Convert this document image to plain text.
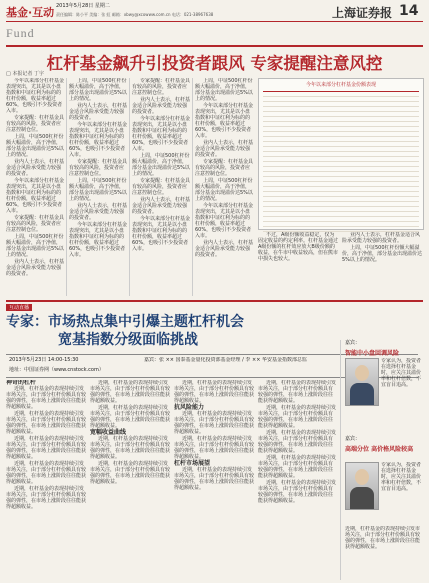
基金·互动 2013年5月28日 星期二
责任编辑：陈小平 美编：张 虹 邮箱：xbwy@xcowww.com.cn 电话：021-38967638	上海证券报 14
Fund
杠杆基金飙升引投资者跟风 专家提醒注意风控
□ 本报记者 丁宇

今年以来部分杠杆基金表现突出，尤其是以小盘指数和中证红利为标的的杠杆份额，收益率超过60%，也吸引不少投资者入市。

专家提醒：杠杆基金具有较高的风险，投资者应注意控制仓位。

上周，中证500杠杆份额大幅溢价，高于净值，部分基金出现溢价达5%以上的情况。

业内人士表示，杠杆基金适合风险承受能力较强的投资者。

今年以来部分杠杆基金表现突出，尤其是以小盘指数和中证红利为标的的杠杆份额，收益率超过60%，也吸引不少投资者入市。

专家提醒：杠杆基金具有较高的风险，投资者应注意控制仓位。

上周，中证500杠杆份额大幅溢价，高于净值，部分基金出现溢价达5%以上的情况。

业内人士表示，杠杆基金适合风险承受能力较强的投资者。

上周，中证500杠杆份额大幅溢价，高于净值，部分基金出现溢价达5%以上的情况。

业内人士表示，杠杆基金适合风险承受能力较强的投资者。

今年以来部分杠杆基金表现突出，尤其是以小盘指数和中证红利为标的的杠杆份额，收益率超过60%，也吸引不少投资者入市。

专家提醒：杠杆基金具有较高的风险，投资者应注意控制仓位。

上周，中证500杠杆份额大幅溢价，高于净值，部分基金出现溢价达5%以上的情况。

业内人士表示，杠杆基金适合风险承受能力较强的投资者。

今年以来部分杠杆基金表现突出，尤其是以小盘指数和中证红利为标的的杠杆份额，收益率超过60%，也吸引不少投资者入市。

专家提醒：杠杆基金具有较高的风险，投资者应注意控制仓位。

业内人士表示，杠杆基金适合风险承受能力较强的投资者。

今年以来部分杠杆基金表现突出，尤其是以小盘指数和中证红利为标的的杠杆份额，收益率超过60%，也吸引不少投资者入市。

上周，中证500杠杆份额大幅溢价，高于净值，部分基金出现溢价达5%以上的情况。

专家提醒：杠杆基金具有较高的风险，投资者应注意控制仓位。

业内人士表示，杠杆基金适合风险承受能力较强的投资者。

今年以来部分杠杆基金表现突出，尤其是以小盘指数和中证红利为标的的杠杆份额，收益率超过60%，也吸引不少投资者入市。

上周，中证500杠杆份额大幅溢价，高于净值，部分基金出现溢价达5%以上的情况。

今年以来部分杠杆基金表现突出，尤其是以小盘指数和中证红利为标的的杠杆份额，收益率超过60%，也吸引不少投资者入市。

业内人士表示，杠杆基金适合风险承受能力较强的投资者。

专家提醒：杠杆基金具有较高的风险，投资者应注意控制仓位。

上周，中证500杠杆份额大幅溢价，高于净值，部分基金出现溢价达5%以上的情况。

今年以来部分杠杆基金表现突出，尤其是以小盘指数和中证红利为标的的杠杆份额，收益率超过60%，也吸引不少投资者入市。

业内人士表示，杠杆基金适合风险承受能力较强的投资者。

今年以来部分杠杆基金份额表现

不过，A级份额收益稳定，仅为固定收益的约定利率。杠杆基金通过A级份额的杠杆效应放大B级份额的收益，在牛市中收益较高，但在熊市中损失也较大。

业内人士表示，杠杆基金适合风险承受能力较强的投资者。

上周，中证500杠杆份额大幅溢价，高于净值，部分基金出现溢价达5%以上的情况。

互动直播
专家：市场热点集中引爆主题杠杆机会
宽基指数分级面临挑战
2013年5月23日 14:00-15:30
地址：中国证券网（www.cnstock.com）
嘉宾：张 ×× 国泰基金量化投资部基金经理 / 李 ×× 华安基金指数部总监
神奇的杠杆

近期，杠杆基金的表现持续引发市场关注，由于部分杠杆份额具有较强的弹性，在市场上涨阶段往往能获得超额收益。

近期，杠杆基金的表现持续引发市场关注，由于部分杠杆份额具有较强的弹性，在市场上涨阶段往往能获得超额收益。

近期，杠杆基金的表现持续引发市场关注，由于部分杠杆份额具有较强的弹性，在市场上涨阶段往往能获得超额收益。

近期，杠杆基金的表现持续引发市场关注，由于部分杠杆份额具有较强的弹性，在市场上涨阶段往往能获得超额收益。

近期，杠杆基金的表现持续引发市场关注，由于部分杠杆份额具有较强的弹性，在市场上涨阶段往往能获得超额收益。

近期，杠杆基金的表现持续引发市场关注，由于部分杠杆份额具有较强的弹性，在市场上涨阶段往往能获得超额收益。

近期，杠杆基金的表现持续引发市场关注，由于部分杠杆份额具有较强的弹性，在市场上涨阶段往往能获得超额收益。

宽幅收益曲线

近期，杠杆基金的表现持续引发市场关注，由于部分杠杆份额具有较强的弹性，在市场上涨阶段往往能获得超额收益。

近期，杠杆基金的表现持续引发市场关注，由于部分杠杆份额具有较强的弹性，在市场上涨阶段往往能获得超额收益。

近期，杠杆基金的表现持续引发市场关注，由于部分杠杆份额具有较强的弹性，在市场上涨阶段往往能获得超额收益。

抗风险能力

近期，杠杆基金的表现持续引发市场关注，由于部分杠杆份额具有较强的弹性，在市场上涨阶段往往能获得超额收益。

近期，杠杆基金的表现持续引发市场关注，由于部分杠杆份额具有较强的弹性，在市场上涨阶段往往能获得超额收益。

杠杆市场展望

近期，杠杆基金的表现持续引发市场关注，由于部分杠杆份额具有较强的弹性，在市场上涨阶段往往能获得超额收益。

近期，杠杆基金的表现持续引发市场关注，由于部分杠杆份额具有较强的弹性，在市场上涨阶段往往能获得超额收益。

近期，杠杆基金的表现持续引发市场关注，由于部分杠杆份额具有较强的弹性，在市场上涨阶段往往能获得超额收益。

近期，杠杆基金的表现持续引发市场关注，由于部分杠杆份额具有较强的弹性，在市场上涨阶段往往能获得超额收益。

近期，杠杆基金的表现持续引发市场关注，由于部分杠杆份额具有较强的弹性，在市场上涨阶段往往能获得超额收益。

近期，杠杆基金的表现持续引发市场关注，由于部分杠杆份额具有较强的弹性，在市场上涨阶段往往能获得超额收益。

嘉宾：
智能中小盘回调风险
专家认为，投资者在选择杠杆基金时，应关注其溢价率和杠杆倍数，不宜盲目追高。
嘉宾：
高端分位 高价格风险较高
专家认为，投资者在选择杠杆基金时，应关注其溢价率和杠杆倍数，不宜盲目追高。
近期，杠杆基金的表现持续引发市场关注，由于部分杠杆份额具有较强的弹性，在市场上涨阶段往往能获得超额收益。
